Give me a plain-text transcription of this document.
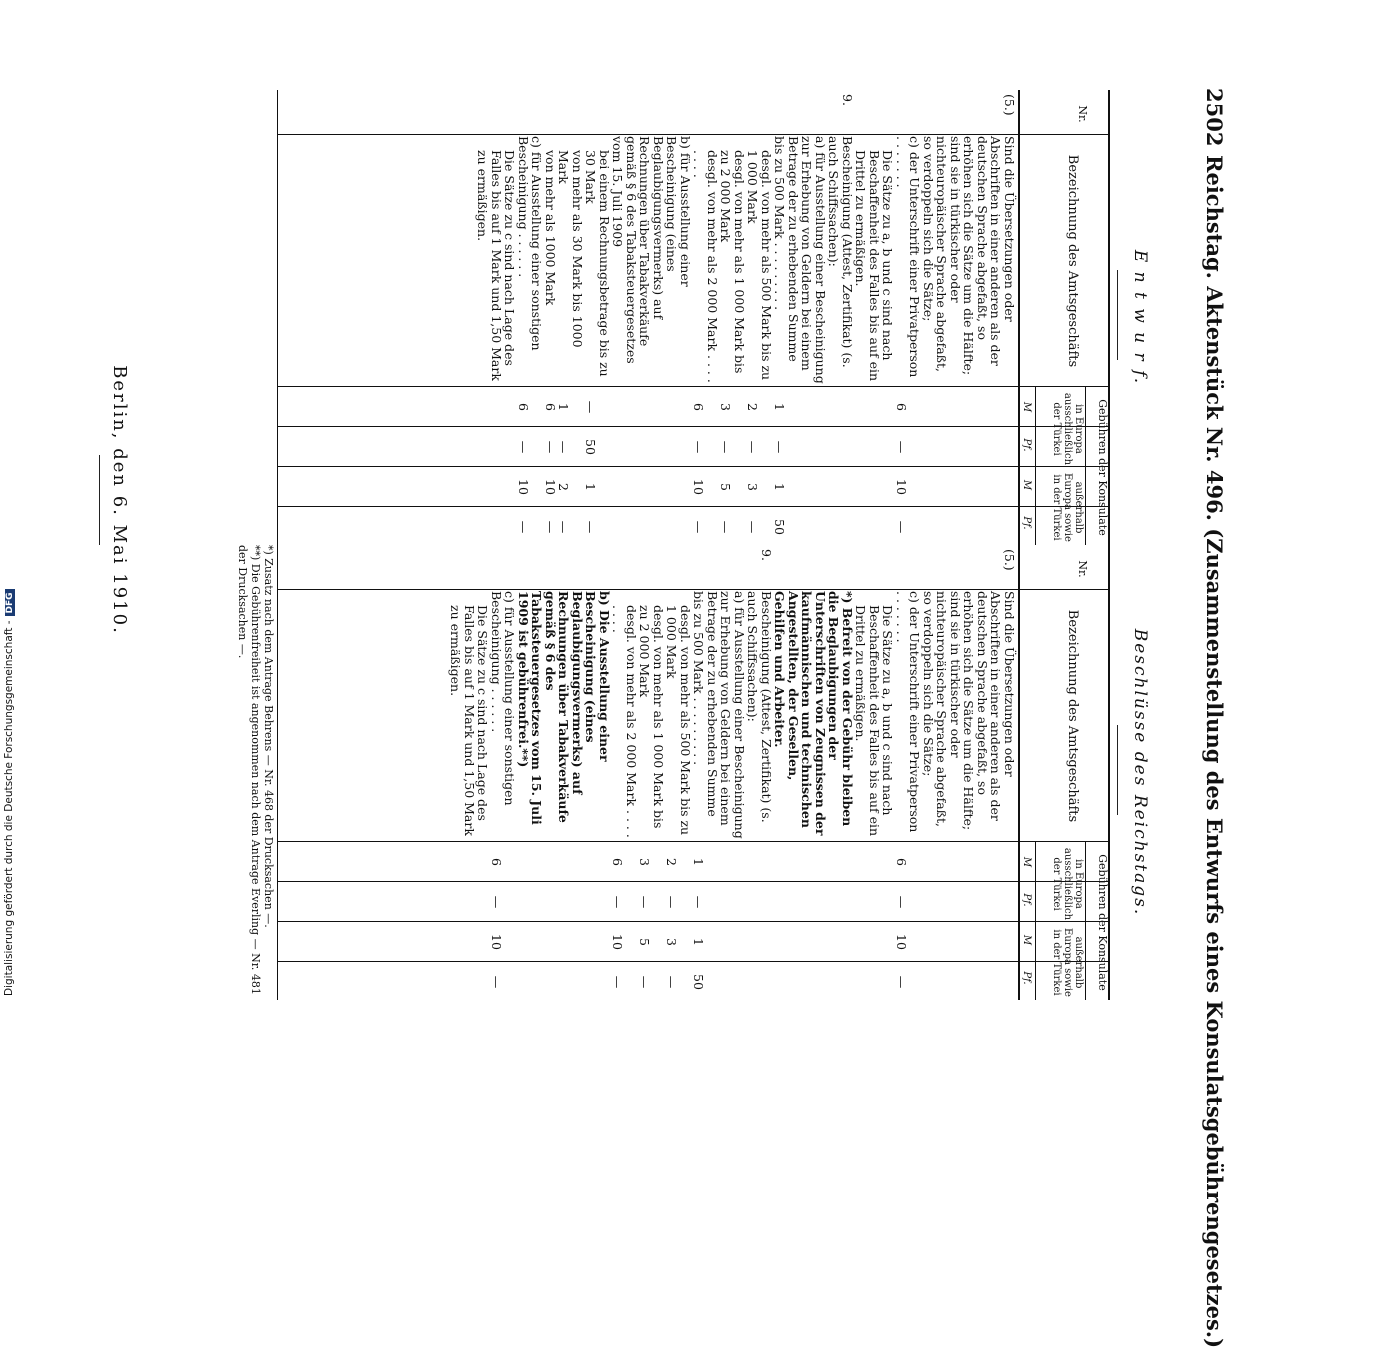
2502
Reichstag. Aktenstück Nr. 496. (Zusammenstellung des Entwurfs eines Konsulatsgebührengesetzes.)
E n t w u r f.
Nr.
Bezeichnung des Amtsgeschäfts
Gebühren der Konsulate
in Europa ausschließlich der Türkei
außerhalb Europa sowie in der Türkei
M
Pf.
M
Pf.
(5.)
Sind die Übersetzungen oder Abschriften in einer anderen als der deutschen Sprache abgefaßt, so erhöhen sich die Sätze um die Hälfte; sind sie in türkischer oder nichteuropäischer Sprache abgefaßt, so verdoppeln sich die Sätze;
c) der Unterschrift einer Privatperson . . . . . . .
6
—
10
—
Die Sätze zu a, b und c sind nach Beschaffenheit des Falles bis auf ein Drittel zu ermäßigen.
9.
Bescheinigung (Attest, Zertifikat) (s. auch Schiffssachen):
a) für Ausstellung einer Bescheinigung zur Erhebung von Geldern bei einem Betrage der zu erhebenden Summe bis zu 500 Mark . . . . . . . . .
1
—
1
50
desgl. von mehr als 500 Mark bis zu 1 000 Mark
2
—
3
—
desgl. von mehr als 1 000 Mark bis zu 2 000 Mark
3
—
5
—
desgl. von mehr als 2 000 Mark . . . . . . . .
6
—
10
—
b) für Ausstellung einer Bescheinigung (eines Beglaubigungsvermerks) auf Rechnungen über Tabakverkäufe gemäß § 6 des Tabaksteuergesetzes vom 15. Juli 1909
bei einem Rechnungsbetrage bis zu 30 Mark
—
50
1
—
von mehr als 30 Mark bis 1000 Mark
1
—
2
—
von mehr als 1000 Mark
6
—
10
—
c) für Ausstellung einer sonstigen Bescheinigung . . . . . .
6
—
10
—
Die Sätze zu c sind nach Lage des Falles bis auf 1 Mark und 1,50 Mark zu ermäßigen.
Beschlüsse des Reichstags.
Nr.
Bezeichnung des Amtsgeschäfts
Gebühren der Konsulate
in Europa ausschließlich der Türkei
außerhalb Europa sowie in der Türkei
M
Pf.
M
Pf.
(5.)
Sind die Übersetzungen oder Abschriften in einer anderen als der deutschen Sprache abgefaßt, so erhöhen sich die Sätze um die Hälfte; sind sie in türkischer oder nichteuropäischer Sprache abgefaßt, so verdoppeln sich die Sätze;
c) der Unterschrift einer Privatperson . . . . . . .
6
—
10
—
Die Sätze zu a, b und c sind nach Beschaffenheit des Falles bis auf ein Drittel zu ermäßigen.
*) Befreit von der Gebühr bleiben die Beglaubigungen der Unterschriften von Zeugnissen der kaufmännischen und technischen Angestellten, der Gesellen, Gehilfen und Arbeiter.
9.
Bescheinigung (Attest, Zertifikat) (s. auch Schiffssachen):
a) für Ausstellung einer Bescheinigung zur Erhebung von Geldern bei einem Betrage der zu erhebenden Summe bis zu 500 Mark . . . . . . . . .
1
—
1
50
desgl. von mehr als 500 Mark bis zu 1 000 Mark
2
—
3
—
desgl. von mehr als 1 000 Mark bis zu 2 000 Mark
3
—
5
—
desgl. von mehr als 2 000 Mark . . . . . . . .
6
—
10
—
b) Die Ausstellung einer Bescheinigung (eines Beglaubigungsvermerks) auf Rechnungen über Tabakverkäufe gemäß § 6 des Tabaksteuergesetzes vom 15. Juli 1909 ist gebührenfrei.**)
c) für Ausstellung einer sonstigen Bescheinigung . . . . . .
6
—
10
—
Die Sätze zu c sind nach Lage des Falles bis auf 1 Mark und 1,50 Mark zu ermäßigen.
*) Zusatz nach dem Antrage Behrens — Nr. 468 der Drucksachen —.
**) Die Gebührenfreiheit ist angenommen nach dem Antrage Everling — Nr. 481 der Drucksachen —.
Berlin, den 6. Mai 1910.
Digitalisierung gefördert durch die Deutsche Forschungsgemeinschaft -DFG
